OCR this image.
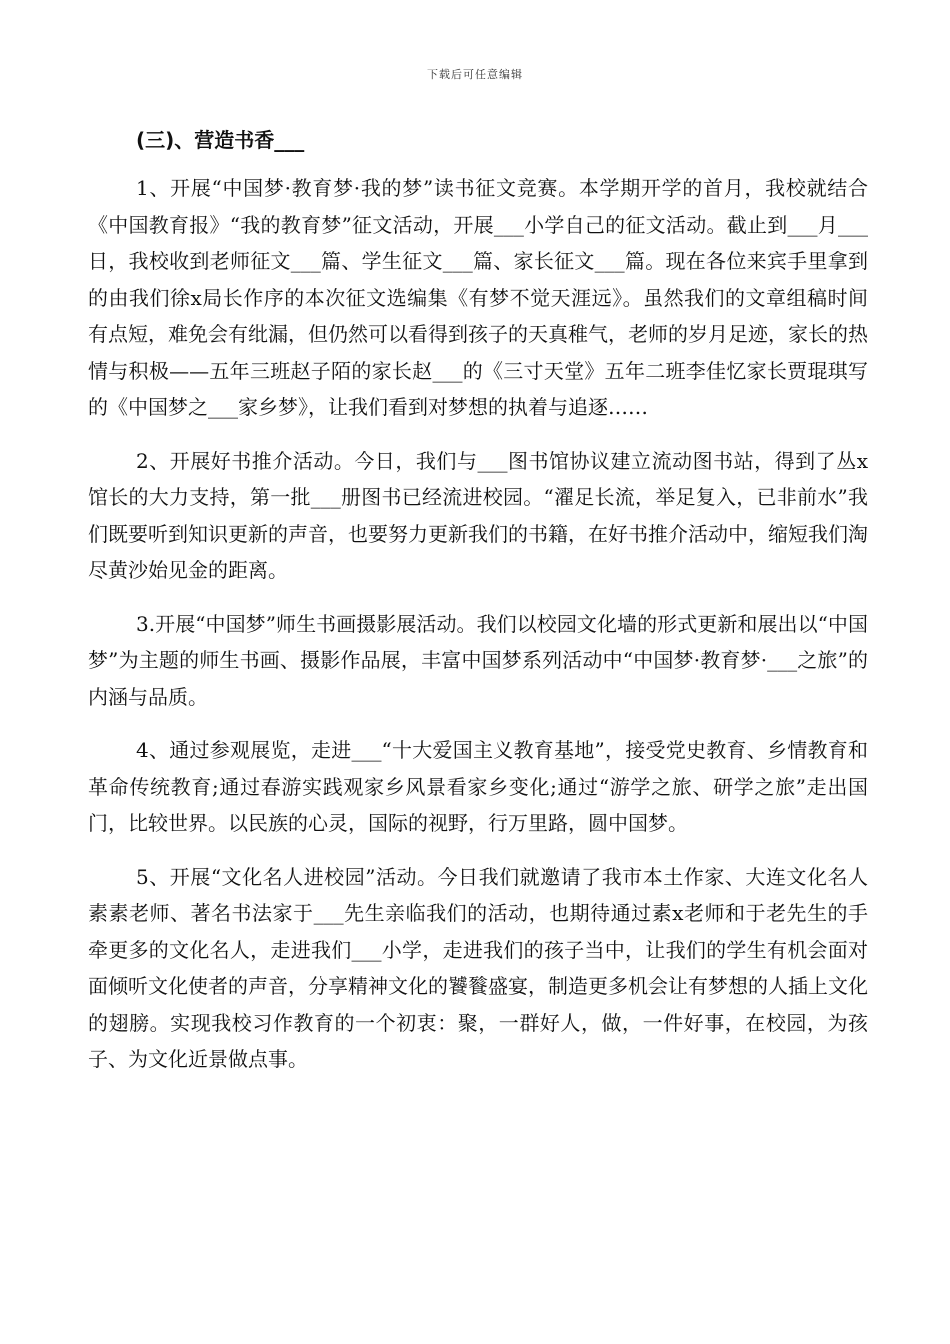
下载后可任意编辑
(三)、营造书香___

1、开展“中国梦·教育梦·我的梦”读书征文竞赛。本学期开学的首月，我校就结合《中国教育报》“我的教育梦”征文活动，开展___小学自己的征文活动。截止到___月___日，我校收到老师征文___篇、学生征文___篇、家长征文___篇。现在各位来宾手里拿到的由我们徐x局长作序的本次征文选编集《有梦不觉天涯远》。虽然我们的文章组稿时间有点短，难免会有纰漏，但仍然可以看得到孩子的天真稚气，老师的岁月足迹，家长的热情与积极——五年三班赵子陌的家长赵___的《三寸天堂》五年二班李佳忆家长贾琨琪写的《中国梦之___家乡梦》，让我们看到对梦想的执着与追逐……

2、开展好书推介活动。今日，我们与___图书馆协议建立流动图书站，得到了丛x馆长的大力支持，第一批___册图书已经流进校园。“濯足长流，举足复入，已非前水”我们既要听到知识更新的声音，也要努力更新我们的书籍，在好书推介活动中，缩短我们淘尽黄沙始见金的距离。

3.开展“中国梦”师生书画摄影展活动。我们以校园文化墙的形式更新和展出以“中国梦”为主题的师生书画、摄影作品展，丰富中国梦系列活动中“中国梦·教育梦·___之旅”的内涵与品质。

4、通过参观展览，走进___“十大爱国主义教育基地”，接受党史教育、乡情教育和革命传统教育;通过春游实践观家乡风景看家乡变化;通过“游学之旅、研学之旅”走出国门，比较世界。以民族的心灵，国际的视野，行万里路，圆中国梦。

5、开展“文化名人进校园”活动。今日我们就邀请了我市本土作家、大连文化名人素素老师、著名书法家于___先生亲临我们的活动，也期待通过素x老师和于老先生的手牵更多的文化名人，走进我们___小学，走进我们的孩子当中，让我们的学生有机会面对面倾听文化使者的声音，分享精神文化的饕餮盛宴，制造更多机会让有梦想的人插上文化的翅膀。实现我校习作教育的一个初衷：聚，一群好人，做，一件好事，在校园，为孩子、为文化近景做点事。
